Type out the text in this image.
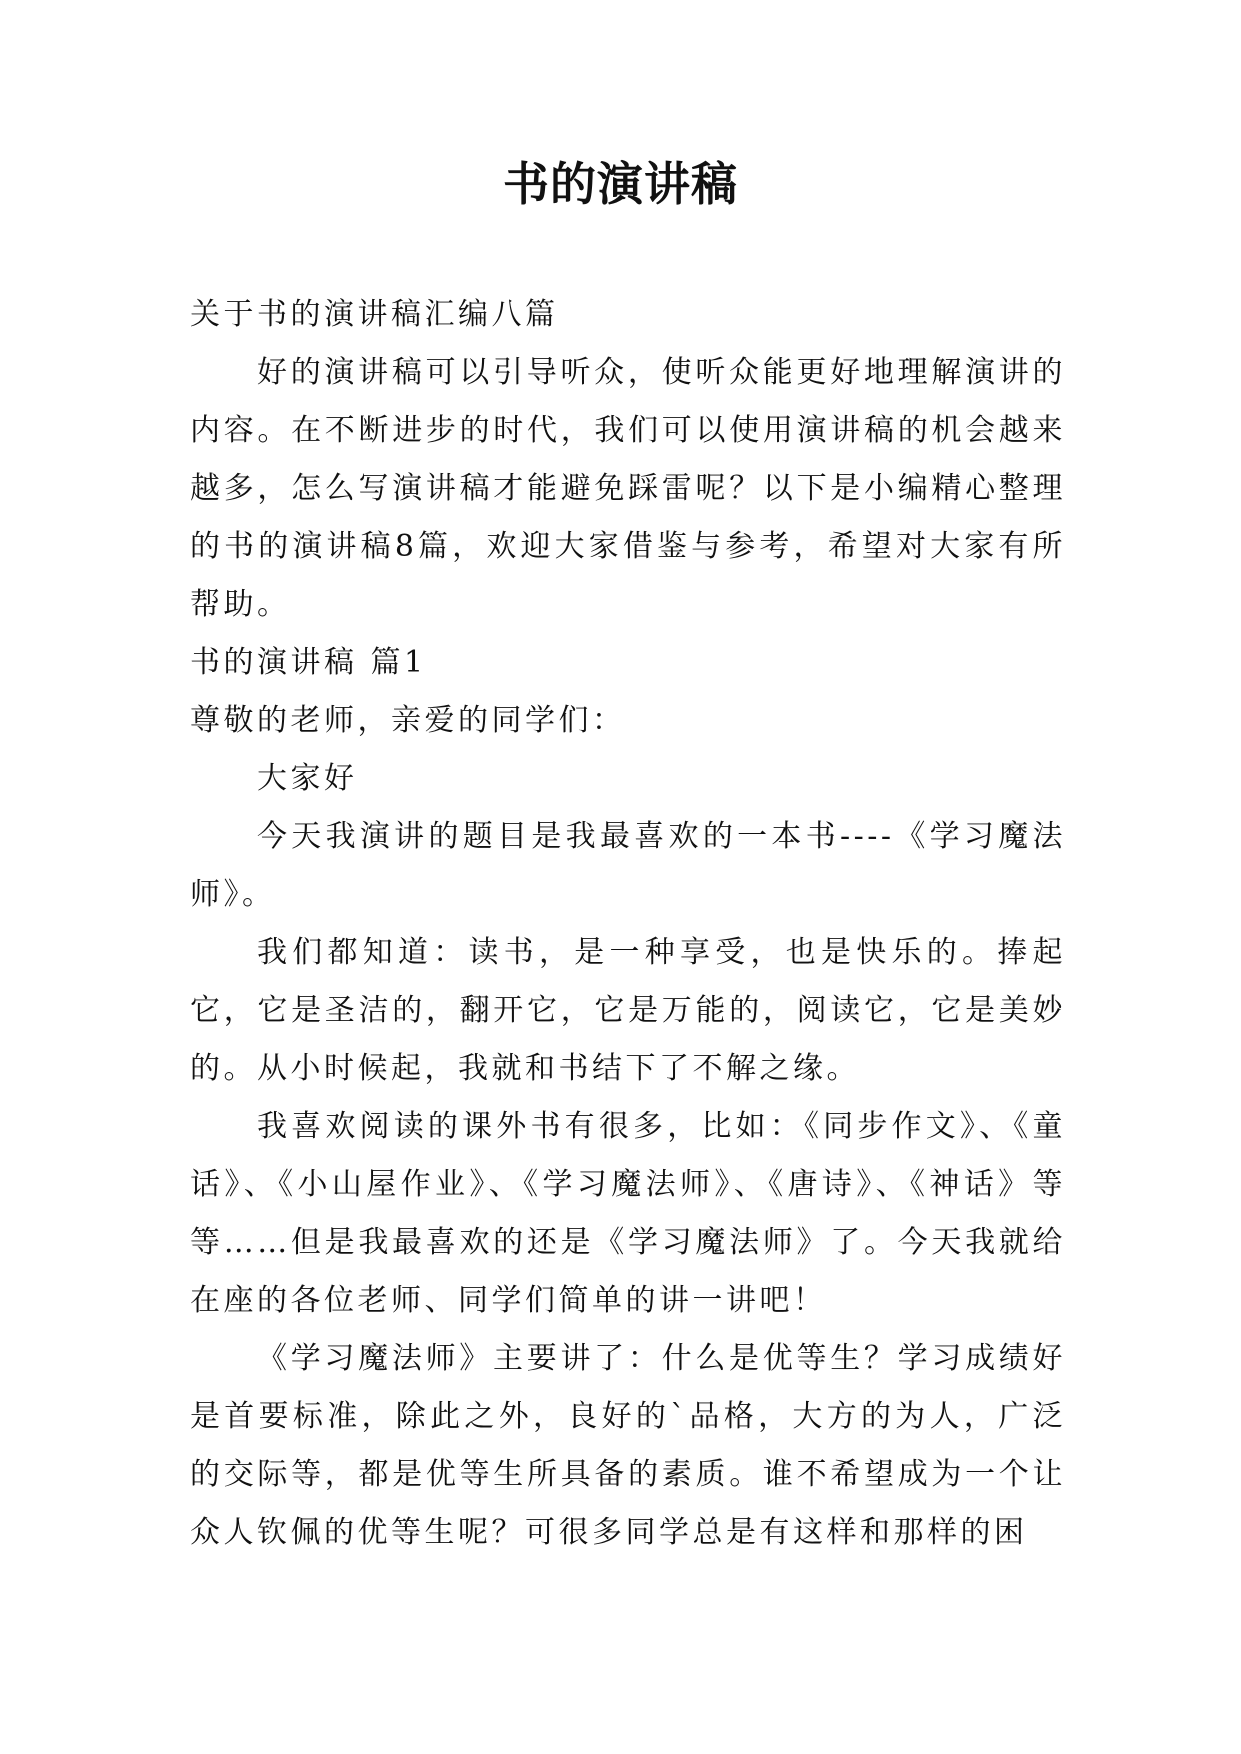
书的演讲稿

关于书的演讲稿汇编八篇

好的演讲稿可以引导听众，使听众能更好地理解演讲的内容。在不断进步的时代，我们可以使用演讲稿的机会越来越多，怎么写演讲稿才能避免踩雷呢？以下是小编精心整理的书的演讲稿8篇，欢迎大家借鉴与参考，希望对大家有所帮助。

书的演讲稿 篇1

尊敬的老师，亲爱的同学们：

大家好

今天我演讲的题目是我最喜欢的一本书----《学习魔法师》。

我们都知道：读书，是一种享受，也是快乐的。捧起它，它是圣洁的，翻开它，它是万能的，阅读它，它是美妙的。从小时候起，我就和书结下了不解之缘。

我喜欢阅读的课外书有很多，比如：《同步作文》、《童话》、《小山屋作业》、《学习魔法师》、《唐诗》、《神话》等等……但是我最喜欢的还是《学习魔法师》了。今天我就给在座的各位老师、同学们简单的讲一讲吧！

《学习魔法师》主要讲了：什么是优等生？学习成绩好是首要标准，除此之外，良好的`品格，大方的为人，广泛的交际等，都是优等生所具备的素质。谁不希望成为一个让众人钦佩的优等生呢？可很多同学总是有这样和那样的困
